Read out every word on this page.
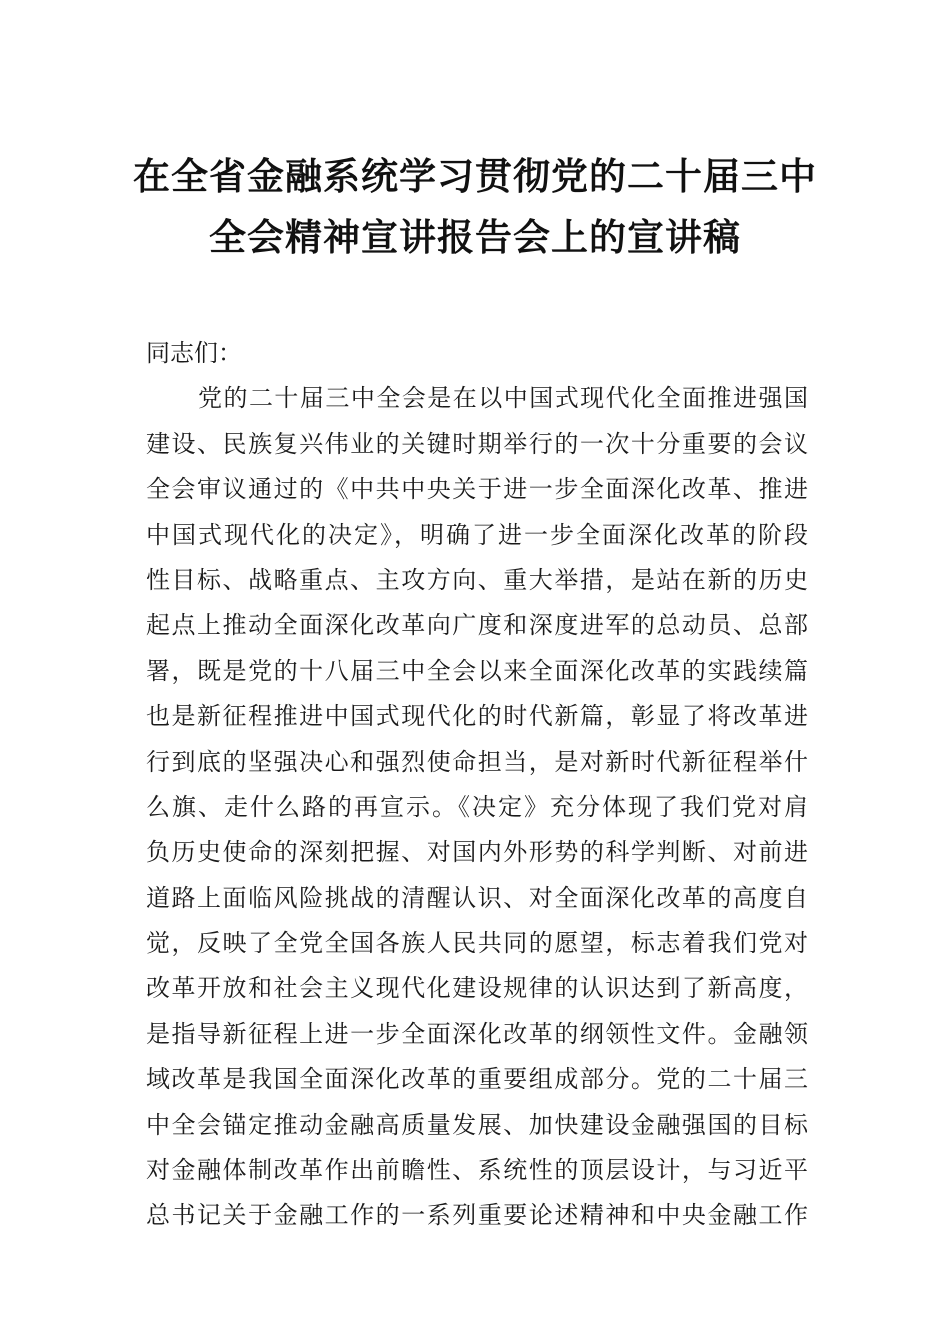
在全省金融系统学习贯彻党的二十届三中
全会精神宣讲报告会上的宣讲稿
同志们：
党的二十届三中全会是在以中国式现代化全面推进强国
建设、民族复兴伟业的关键时期举行的一次十分重要的会议
全会审议通过的《中共中央关于进一步全面深化改革、推进
中国式现代化的决定》，明确了进一步全面深化改革的阶段
性目标、战略重点、主攻方向、重大举措，是站在新的历史
起点上推动全面深化改革向广度和深度进军的总动员、总部
署，既是党的十八届三中全会以来全面深化改革的实践续篇
也是新征程推进中国式现代化的时代新篇，彰显了将改革进
行到底的坚强决心和强烈使命担当，是对新时代新征程举什
么旗、走什么路的再宣示。《决定》充分体现了我们党对肩
负历史使命的深刻把握、对国内外形势的科学判断、对前进
道路上面临风险挑战的清醒认识、对全面深化改革的高度自
觉，反映了全党全国各族人民共同的愿望，标志着我们党对
改革开放和社会主义现代化建设规律的认识达到了新高度，
是指导新征程上进一步全面深化改革的纲领性文件。金融领
域改革是我国全面深化改革的重要组成部分。党的二十届三
中全会锚定推动金融高质量发展、加快建设金融强国的目标
对金融体制改革作出前瞻性、系统性的顶层设计，与习近平
总书记关于金融工作的一系列重要论述精神和中央金融工作
